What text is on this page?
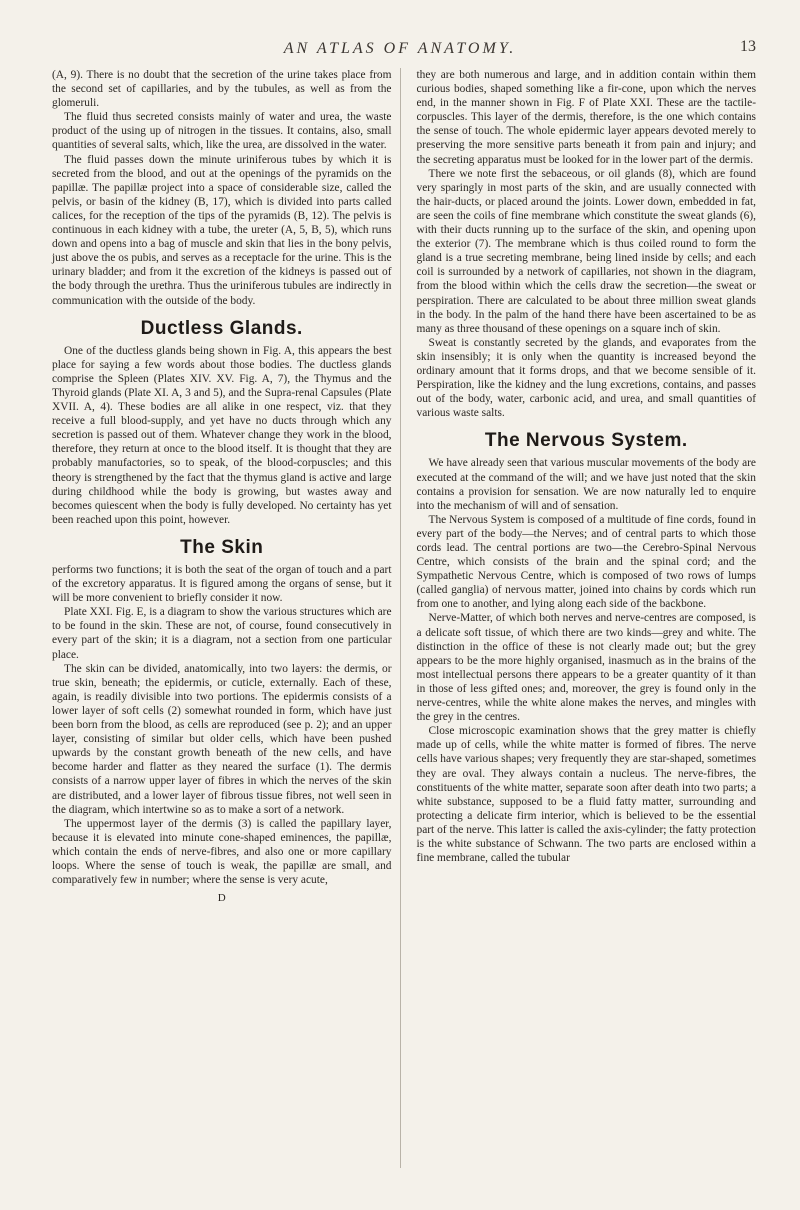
AN ATLAS OF ANATOMY.	13

(A, 9). There is no doubt that the secretion of the urine takes place from the second set of capillaries, and by the tubules, as well as from the glomeruli.

The fluid thus secreted consists mainly of water and urea, the waste product of the using up of nitrogen in the tissues. It contains, also, small quantities of several salts, which, like the urea, are dissolved in the water.

The fluid passes down the minute uriniferous tubes by which it is secreted from the blood, and out at the openings of the pyramids on the papillæ. The papillæ project into a space of considerable size, called the pelvis, or basin of the kidney (B, 17), which is divided into parts called calices, for the reception of the tips of the pyramids (B, 12). The pelvis is continuous in each kidney with a tube, the ureter (A, 5, B, 5), which runs down and opens into a bag of muscle and skin that lies in the bony pelvis, just above the os pubis, and serves as a receptacle for the urine. This is the urinary bladder; and from it the excretion of the kidneys is passed out of the body through the urethra. Thus the uriniferous tubules are indirectly in communication with the outside of the body.

Ductless Glands.

One of the ductless glands being shown in Fig. A, this appears the best place for saying a few words about those bodies. The ductless glands comprise the Spleen (Plates XIV. XV. Fig. A, 7), the Thymus and the Thyroid glands (Plate XI. A, 3 and 5), and the Supra-renal Capsules (Plate XVII. A, 4). These bodies are all alike in one respect, viz. that they receive a full blood-supply, and yet have no ducts through which any secretion is passed out of them. Whatever change they work in the blood, therefore, they return at once to the blood itself. It is thought that they are probably manufactories, so to speak, of the blood-corpuscles; and this theory is strengthened by the fact that the thymus gland is active and large during childhood while the body is growing, but wastes away and becomes quiescent when the body is fully developed. No certainty has yet been reached upon this point, however.

The Skin

performs two functions; it is both the seat of the organ of touch and a part of the excretory apparatus. It is figured among the organs of sense, but it will be more convenient to briefly consider it now.

Plate XXI. Fig. E, is a diagram to show the various structures which are to be found in the skin. These are not, of course, found consecutively in every part of the skin; it is a diagram, not a section from one particular place.

The skin can be divided, anatomically, into two layers: the dermis, or true skin, beneath; the epidermis, or cuticle, externally. Each of these, again, is readily divisible into two portions. The epidermis consists of a lower layer of soft cells (2) somewhat rounded in form, which have just been born from the blood, as cells are reproduced (see p. 2); and an upper layer, consisting of similar but older cells, which have been pushed upwards by the constant growth beneath of the new cells, and have become harder and flatter as they neared the surface (1). The dermis consists of a narrow upper layer of fibres in which the nerves of the skin are distributed, and a lower layer of fibrous tissue fibres, not well seen in the diagram, which intertwine so as to make a sort of a network.

The uppermost layer of the dermis (3) is called the papillary layer, because it is elevated into minute cone-shaped eminences, the papillæ, which contain the ends of nerve-fibres, and also one or more capillary loops. Where the sense of touch is weak, the papillæ are small, and comparatively few in number; where the sense is very acute,

D

they are both numerous and large, and in addition contain within them curious bodies, shaped something like a fir-cone, upon which the nerves end, in the manner shown in Fig. F of Plate XXI. These are the tactile-corpuscles. This layer of the dermis, therefore, is the one which contains the sense of touch. The whole epidermic layer appears devoted merely to preserving the more sensitive parts beneath it from pain and injury; and the secreting apparatus must be looked for in the lower part of the dermis.

There we note first the sebaceous, or oil glands (8), which are found very sparingly in most parts of the skin, and are usually connected with the hair-ducts, or placed around the joints. Lower down, embedded in fat, are seen the coils of fine membrane which constitute the sweat glands (6), with their ducts running up to the surface of the skin, and opening upon the exterior (7). The membrane which is thus coiled round to form the gland is a true secreting membrane, being lined inside by cells; and each coil is surrounded by a network of capillaries, not shown in the diagram, from the blood within which the cells draw the secretion—the sweat or perspiration. There are calculated to be about three million sweat glands in the body. In the palm of the hand there have been ascertained to be as many as three thousand of these openings on a square inch of skin.

Sweat is constantly secreted by the glands, and evaporates from the skin insensibly; it is only when the quantity is increased beyond the ordinary amount that it forms drops, and that we become sensible of it. Perspiration, like the kidney and the lung excretions, contains, and passes out of the body, water, carbonic acid, and urea, and small quantities of various waste salts.

The Nervous System.

We have already seen that various muscular movements of the body are executed at the command of the will; and we have just noted that the skin contains a provision for sensation. We are now naturally led to enquire into the mechanism of will and of sensation.

The Nervous System is composed of a multitude of fine cords, found in every part of the body—the Nerves; and of central parts to which those cords lead. The central portions are two—the Cerebro-Spinal Nervous Centre, which consists of the brain and the spinal cord; and the Sympathetic Nervous Centre, which is composed of two rows of lumps (called ganglia) of nervous matter, joined into chains by cords which run from one to another, and lying along each side of the backbone.

Nerve-Matter, of which both nerves and nerve-centres are composed, is a delicate soft tissue, of which there are two kinds—grey and white. The distinction in the office of these is not clearly made out; but the grey appears to be the more highly organised, inasmuch as in the brains of the most intellectual persons there appears to be a greater quantity of it than in those of less gifted ones; and, moreover, the grey is found only in the nerve-centres, while the white alone makes the nerves, and mingles with the grey in the centres.

Close microscopic examination shows that the grey matter is chiefly made up of cells, while the white matter is formed of fibres. The nerve cells have various shapes; very frequently they are star-shaped, sometimes they are oval. They always contain a nucleus. The nerve-fibres, the constituents of the white matter, separate soon after death into two parts; a white substance, supposed to be a fluid fatty matter, surrounding and protecting a delicate firm interior, which is believed to be the essential part of the nerve. This latter is called the axis-cylinder; the fatty protection is the white substance of Schwann. The two parts are enclosed within a fine membrane, called the tubular
